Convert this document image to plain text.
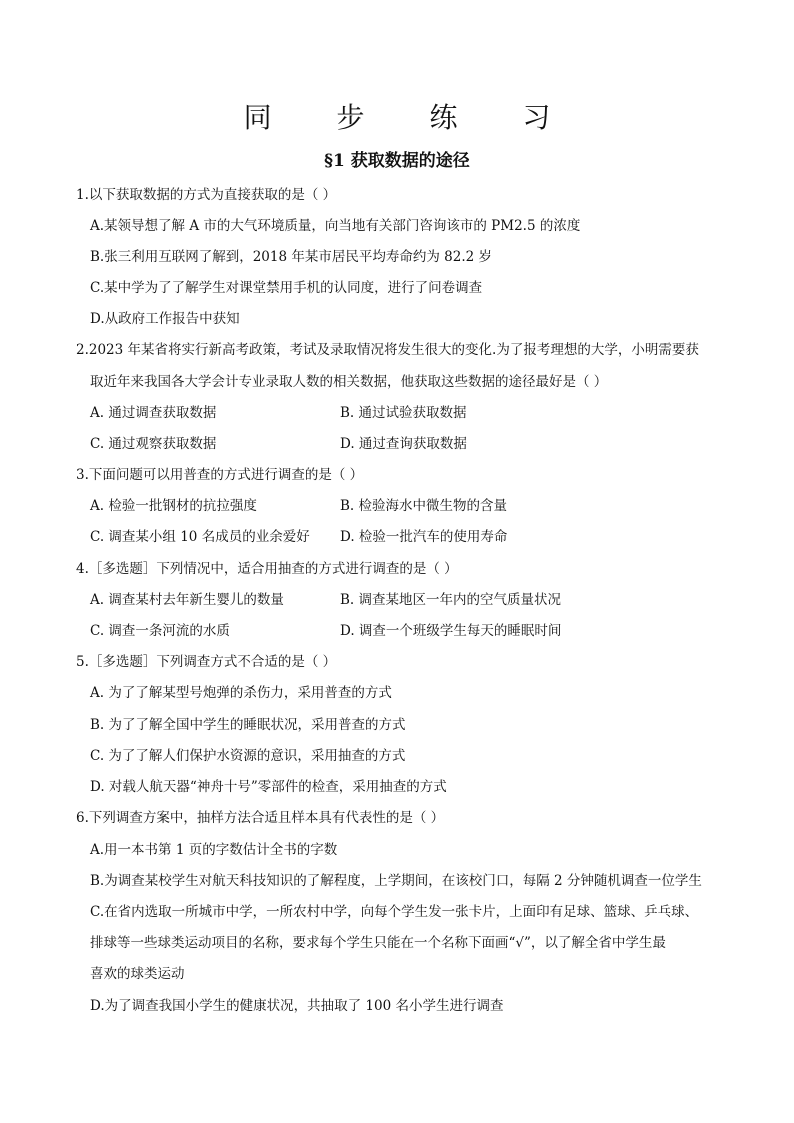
同 步 练 习
§1 获取数据的途径
1.以下获取数据的方式为直接获取的是（ ）
A.某领导想了解 A 市的大气环境质量，向当地有关部门咨询该市的 PM2.5 的浓度
B.张三利用互联网了解到，2018 年某市居民平均寿命约为 82.2 岁
C.某中学为了了解学生对课堂禁用手机的认同度，进行了问卷调查
D.从政府工作报告中获知
2.2023 年某省将实行新高考政策，考试及录取情况将发生很大的变化.为了报考理想的大学，小明需要获
取近年来我国各大学会计专业录取人数的相关数据，他获取这些数据的途径最好是（ ）
A. 通过调查获取数据	B. 通过试验获取数据
C. 通过观察获取数据	D. 通过查询获取数据
3.下面问题可以用普查的方式进行调查的是（ ）
A. 检验一批钢材的抗拉强度	B. 检验海水中微生物的含量
C. 调查某小组 10 名成员的业余爱好 D. 检验一批汽车的使用寿命
4.［多选题］下列情况中，适合用抽查的方式进行调查的是（ ）
A. 调查某村去年新生婴儿的数量	B. 调查某地区一年内的空气质量状况
C. 调查一条河流的水质	D. 调查一个班级学生每天的睡眠时间
5.［多选题］下列调查方式不合适的是（ ）
A. 为了了解某型号炮弹的杀伤力，采用普查的方式
B. 为了了解全国中学生的睡眠状况，采用普查的方式
C. 为了了解人们保护水资源的意识，采用抽查的方式
D. 对载人航天器“神舟十号”零部件的检查，采用抽查的方式
6.下列调查方案中，抽样方法合适且样本具有代表性的是（ ）
A.用一本书第 1 页的字数估计全书的字数
B.为调查某校学生对航天科技知识的了解程度，上学期间，在该校门口，每隔 2 分钟随机调查一位学生
C.在省内选取一所城市中学，一所农村中学，向每个学生发一张卡片，上面印有足球、篮球、乒乓球、
排球等一些球类运动项目的名称，要求每个学生只能在一个名称下面画“√”，以了解全省中学生最
喜欢的球类运动
D.为了调查我国小学生的健康状况，共抽取了 100 名小学生进行调查
